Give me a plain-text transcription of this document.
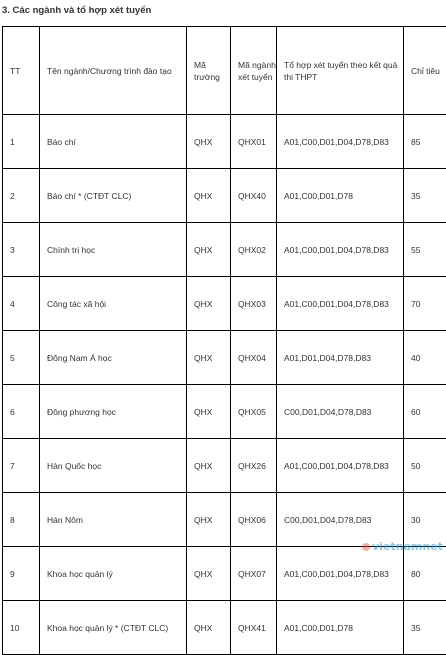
3. Các ngành và tổ hợp xét tuyển
TT	Tên ngành/Chương trình đào tạo	Mã trường	Mã ngành xét tuyển	Tổ hợp xét tuyển theo kết quả thi THPT	Chỉ tiêu
1	Báo chí	QHX	QHX01	A01,C00,D01,D04,D78,D83	85
2	Báo chí * (CTĐT CLC)	QHX	QHX40	A01,C00,D01,D78	35
3	Chính trị học	QHX	QHX02	A01,C00,D01,D04,D78,D83	55
4	Công tác xã hội	QHX	QHX03	A01,C00,D01,D04,D78,D83	70
5	Đông Nam Á học	QHX	QHX04	A01,D01,D04,D78,D83	40
6	Đông phương học	QHX	QHX05	C00,D01,D04,D78,D83	60
7	Hàn Quốc học	QHX	QHX26	A01,C00,D01,D04,D78,D83	50
8	Hán Nôm	QHX	QHX06	C00,D01,D04,D78,D83	30
9	Khoa học quản lý	QHX	QHX07	A01,C00,D01,D04,D78,D83	80
10	Khoa học quản lý * (CTĐT CLC)	QHX	QHX41	A01,C00,D01,D78	35
vietnamnet
